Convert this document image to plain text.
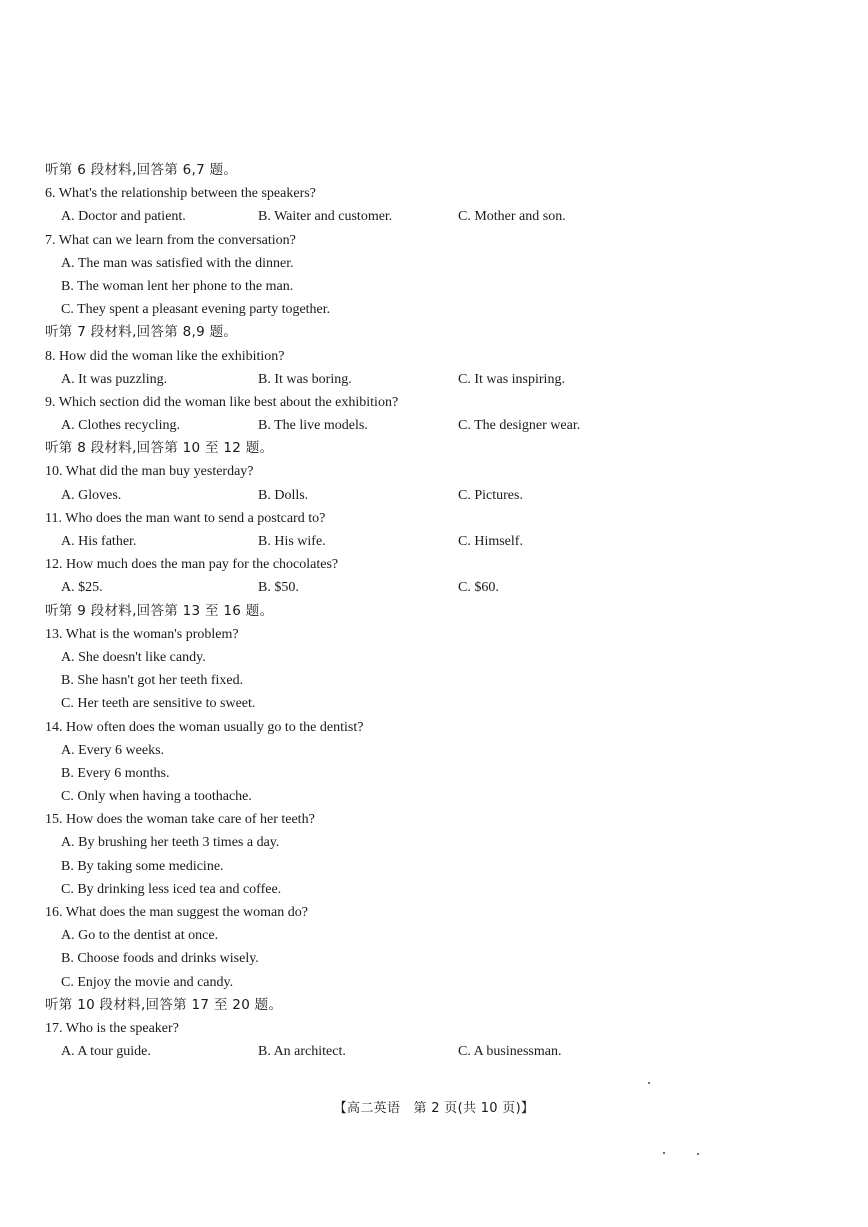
听第 6 段材料,回答第 6,7 题。
6. What's the relationship between the speakers?
A. Doctor and patient.	B. Waiter and customer.	C. Mother and son.
7. What can we learn from the conversation?
A. The man was satisfied with the dinner.
B. The woman lent her phone to the man.
C. They spent a pleasant evening party together.
听第 7 段材料,回答第 8,9 题。
8. How did the woman like the exhibition?
A. It was puzzling.	B. It was boring.	C. It was inspiring.
9. Which section did the woman like best about the exhibition?
A. Clothes recycling.	B. The live models.	C. The designer wear.
听第 8 段材料,回答第 10 至 12 题。
10. What did the man buy yesterday?
A. Gloves.	B. Dolls.	C. Pictures.
11. Who does the man want to send a postcard to?
A. His father.	B. His wife.	C. Himself.
12. How much does the man pay for the chocolates?
A. $25.	B. $50.	C. $60.
听第 9 段材料,回答第 13 至 16 题。
13. What is the woman's problem?
A. She doesn't like candy.
B. She hasn't got her teeth fixed.
C. Her teeth are sensitive to sweet.
14. How often does the woman usually go to the dentist?
A. Every 6 weeks.
B. Every 6 months.
C. Only when having a toothache.
15. How does the woman take care of her teeth?
A. By brushing her teeth 3 times a day.
B. By taking some medicine.
C. By drinking less iced tea and coffee.
16. What does the man suggest the woman do?
A. Go to the dentist at once.
B. Choose foods and drinks wisely.
C. Enjoy the movie and candy.
听第 10 段材料,回答第 17 至 20 题。
17. Who is the speaker?
A. A tour guide.	B. An architect.	C. A businessman.
【高二英语　第 2 页(共 10 页)】
